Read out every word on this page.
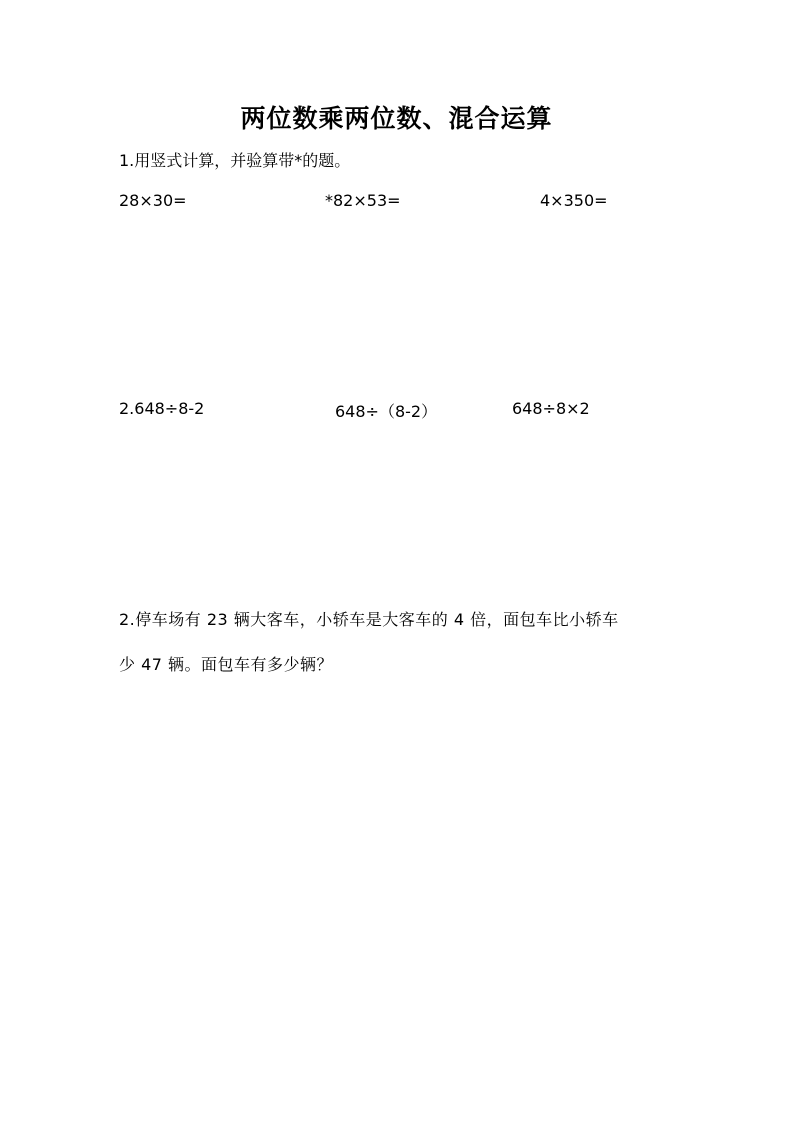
两位数乘两位数、混合运算
1.用竖式计算，并验算带*的题。
28×30=	*82×53=	4×350=
2.648÷8-2	648÷（8-2）	648÷8×2
2.停车场有 23 辆大客车，小轿车是大客车的 4 倍，面包车比小轿车
少 47 辆。面包车有多少辆？
